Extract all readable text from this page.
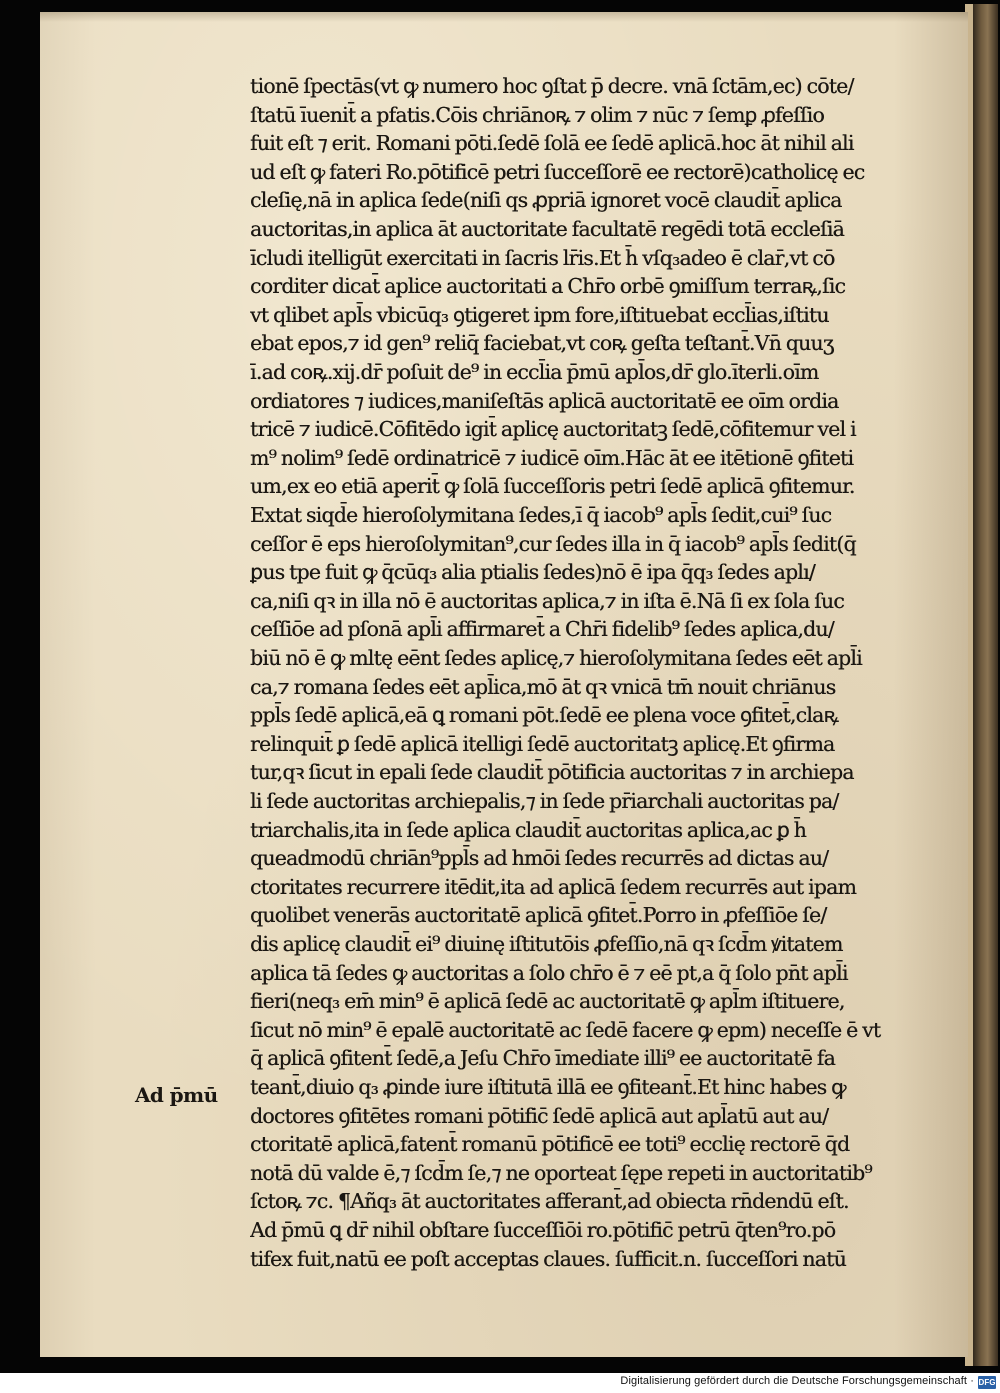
tionē ſpectās(vt ꝙ numero hoc ꝯſtat p̄ decre. vnā ſctām,ec) cōte/
ſtatū īuenit̄ a pfatis.Cōis chriānoꝶ ⁊ olim ⁊ nūc ⁊ ſemꝑ ꝓfeſſio
fuit eſt ⁊ erit. Romani pōti.ſedē ſolā ee ſedē aplicā.hoc āt nihil ali
ud eſt ꝙ fateri Ro.pōtificē petri ſucceſſorē ee rectorē)catholicę ec
cleſię,nā in aplica ſede(niſi qs ꝓpriā ignoret vocē claudit̄ aplica
auctoritas,in aplica āt auctoritate facultatē regēdi totā eccleſiā
īcludi itelligūt exercitati in ſacris lr̄is.Et h̄ vſq₃adeo ē clar̄,vt cō
corditer dicat̄ aplice auctoritati a Chr̄o orbē ꝯmiſſum terraꝶ,ſic
vt qlibet apl̄s vbicūq₃ ꝯtigeret ipm fore,iſtituebat eccl̄ias,iſtitu
ebat epos,⁊ id gen⁹ reliq̄ faciebat,vt coꝶ geſta teſtant̄.Vn̄ quuʒ
ī.ad coꝶ.xij.dr̄ poſuit de⁹ in eccl̄ia p̄mū apl̄os,dr̄ glo.īterli.oīm
ordiatores ⁊ iudices,maniſeſtās aplicā auctoritatē ee oīm ordia
tricē ⁊ iudicē.Cōfitēdo igit̄ aplicę auctoritatꝫ ſedē,cōfitemur vel i
m⁹ nolim⁹ ſedē ordinatricē ⁊ iudicē oīm.Hāc āt ee itētionē ꝯfiteti
um,ex eo etiā aperit̄ ꝙ ſolā ſucceſſoris petri ſedē aplicā ꝯfitemur.
Extat siqd̄e hieroſolymitana ſedes,ī q̄ iacob⁹ apl̄s ſedit,cui⁹ ſuc
ceſſor ē eps hieroſolymitan⁹,cur ſedes illa in q̄ iacob⁹ apl̄s ſedit(q̄
ꝑus tpe fuit ꝙ q̄cūq₃ alia ptialis ſedes)nō ē ipa q̄q₃ ſedes aplı/
ca,niſi qꝛ in illa nō ē auctoritas aplica,⁊ in iſta ē.Nā ſi ex ſola ſuc
ceſſiōe ad pſonā apl̄i affirmaret̄ a Chr̄i fidelib⁹ ſedes aplica,du/
biū nō ē ꝙ mltę eēnt ſedes aplicę,⁊ hieroſolymitana ſedes eēt apl̄i
ca,⁊ romana ſedes eēt apl̄ica,mō āt qꝛ vnicā tm̄ nouit chriānus
ppl̄s ſedē aplicā,eā ꝗ romani pōt.ſedē ee plena voce ꝯfitet̄,claꝶ
relinquit̄ ꝑ ſedē aplicā itelligi ſedē auctoritatꝫ aplicę.Et ꝯfirma
tur,qꝛ ſicut in epali ſede claudit̄ pōtificia auctoritas ⁊ in archiepa
li ſede auctoritas archiepalis,⁊ in ſede pr̄iarchali auctoritas pa/
triarchalis,ita in ſede aplica claudit̄ auctoritas aplica,ac ꝑ h̄
queadmodū chriān⁹ppl̄s ad hmōi ſedes recurrēs ad dictas au/
ctoritates recurrere itēdit,ita ad aplicā ſedem recurrēs aut ipam
quolibet venerās auctoritatē aplicā ꝯfitet̄.Porro in ꝓfeſſiōe ſe/
dis aplicę claudit̄ ei⁹ diuinę iſtitutōis ꝓfeſſio,nā qꝛ ſcd̄m ꝟitatem
aplica tā ſedes ꝙ auctoritas a ſolo chr̄o ē ⁊ eē pt,a q̄ ſolo pn̄t apl̄i
fieri(neq₃ em̄ min⁹ ē aplicā ſedē ac auctoritatē ꝙ apl̄m iſtituere,
ſicut nō min⁹ ē epalē auctoritatē ac ſedē facere ꝙ epm) neceſſe ē vt
q̄ aplicā ꝯfitent̄ ſedē,a Jeſu Chr̄o īmediate illi⁹ ee auctoritatē fa
teant̄,diuio q₃ ꝓinde iure iſtitutā illā ee ꝯfiteant̄.Et hinc habes ꝙ
doctores ꝯfitētes romani pōtific̄ ſedē aplicā aut apl̄atū aut au/
ctoritatē aplicā,fatent̄ romanū pōtificē ee toti⁹ ecclię rectorē q̄d
notā dū valde ē,⁊ ſcd̄m ſe,⁊ ne oporteat ſępe repeti in auctoritatib⁹
ſctoꝶ ⁊c. ¶Añq₃ āt auctoritates afferant̄,ad obiecta rn̄dendū eſt.
Ad p̄mū ꝗ dr̄ nihil obſtare ſucceſſiōi ro.pōtific̄ petrū q̄ten⁹ro.pō
tifex fuit,natū ee poſt acceptas claues. ſufficit.n. ſucceſſori natū
Ad p̄mū
Digitalisierung gefördert durch die Deutsche Forschungsgemeinschaft · DFG
